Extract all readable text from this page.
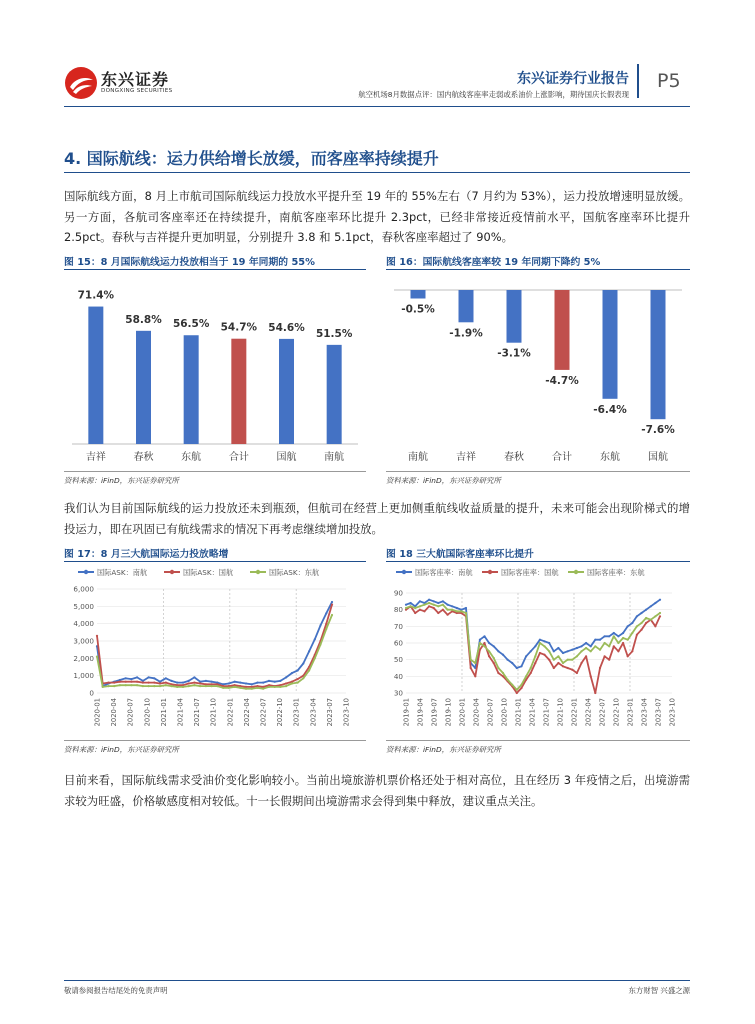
东兴证券
DONGXING SECURITIES
东兴证券行业报告
航空机场8月数据点评：国内航线客座率走弱或系油价上涨影响，期待国庆长假表现
P5
4. 国际航线：运力供给增长放缓，而客座率持续提升
国际航线方面，8 月上市航司国际航线运力投放水平提升至 19 年的 55%左右（7 月约为 53%），运力投放增速明显放缓。另一方面，各航司客座率还在持续提升，南航客座率环比提升 2.3pct，已经非常接近疫情前水平，国航客座率环比提升 2.5pct。春秋与吉祥提升更加明显，分别提升 3.8 和 5.1pct，春秋客座率超过了 90%。
图 15：8 月国际航线运力投放相当于 19 年同期的 55%
71.4%
吉祥
58.8%
春秋
56.5%
东航
54.7%
合计
54.6%
国航
51.5%
南航
资料来源：iFinD，东兴证券研究所
图 16：国际航线客座率较 19 年同期下降约 5%
-0.5%
南航
-1.9%
吉祥
-3.1%
春秋
-4.7%
合计
-6.4%
东航
-7.6%
国航
资料来源：iFinD，东兴证券研究所
我们认为目前国际航线的运力投放还未到瓶颈，但航司在经营上更加侧重航线收益质量的提升，未来可能会出现阶梯式的增投运力，即在巩固已有航线需求的情况下再考虑继续增加投放。
图 17：8 月三大航国际运力投放略增
国际ASK：南航	国际ASK：国航	国际ASK：东航
0
1,000
2,000
3,000
4,000
5,000
6,000
2020-01 2020-04 2020-07 2020-10 2021-01 2021-04 2021-07 2021-10 2022-01 2022-04 2022-07 2022-10 2023-01 2023-04 2023-07 2023-10
资料来源：iFinD，东兴证券研究所
图 18 三大航国际客座率环比提升
国际客座率：南航	国际客座率：国航	国际客座率：东航
30
40
50
60
70
80
90
2019-01 2019-04 2019-07 2019-10 2020-01 2020-04 2020-07 2020-10 2021-01 2021-04 2021-07 2021-10 2022-01 2022-04 2022-07 2022-10 2023-01 2023-04 2023-07 2023-10
资料来源：iFinD，东兴证券研究所
目前来看，国际航线需求受油价变化影响较小。当前出境旅游机票价格还处于相对高位，且在经历 3 年疫情之后，出境游需求较为旺盛，价格敏感度相对较低。十一长假期间出境游需求会得到集中释放，建议重点关注。
敬请参阅报告结尾处的免责声明	东方财智 兴盛之源
